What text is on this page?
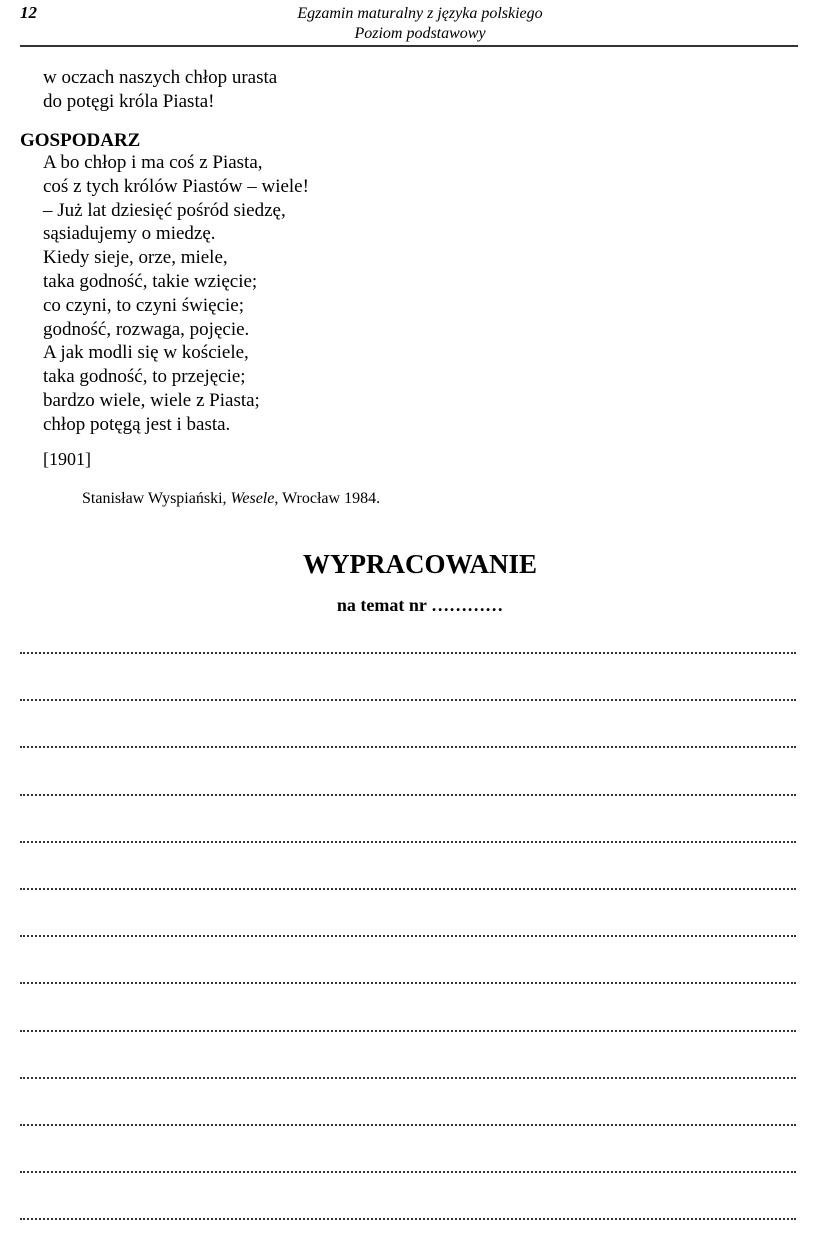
12	Egzamin maturalny z języka polskiego
Poziom podstawowy
w oczach naszych chłop urasta
do potęgi króla Piasta!
GOSPODARZ
A bo chłop i ma coś z Piasta,
coś z tych królów Piastów – wiele!
– Już lat dziesięć pośród siedzę,
sąsiadujemy o miedzę.
Kiedy sieje, orze, miele,
taka godność, takie wzięcie;
co czyni, to czyni święcie;
godność, rozwaga, pojęcie.
A jak modli się w kościele,
taka godność, to przejęcie;
bardzo wiele, wiele z Piasta;
chłop potęgą jest i basta.
[1901]
Stanisław Wyspiański, Wesele, Wrocław 1984.
WYPRACOWANIE
na temat nr …………
